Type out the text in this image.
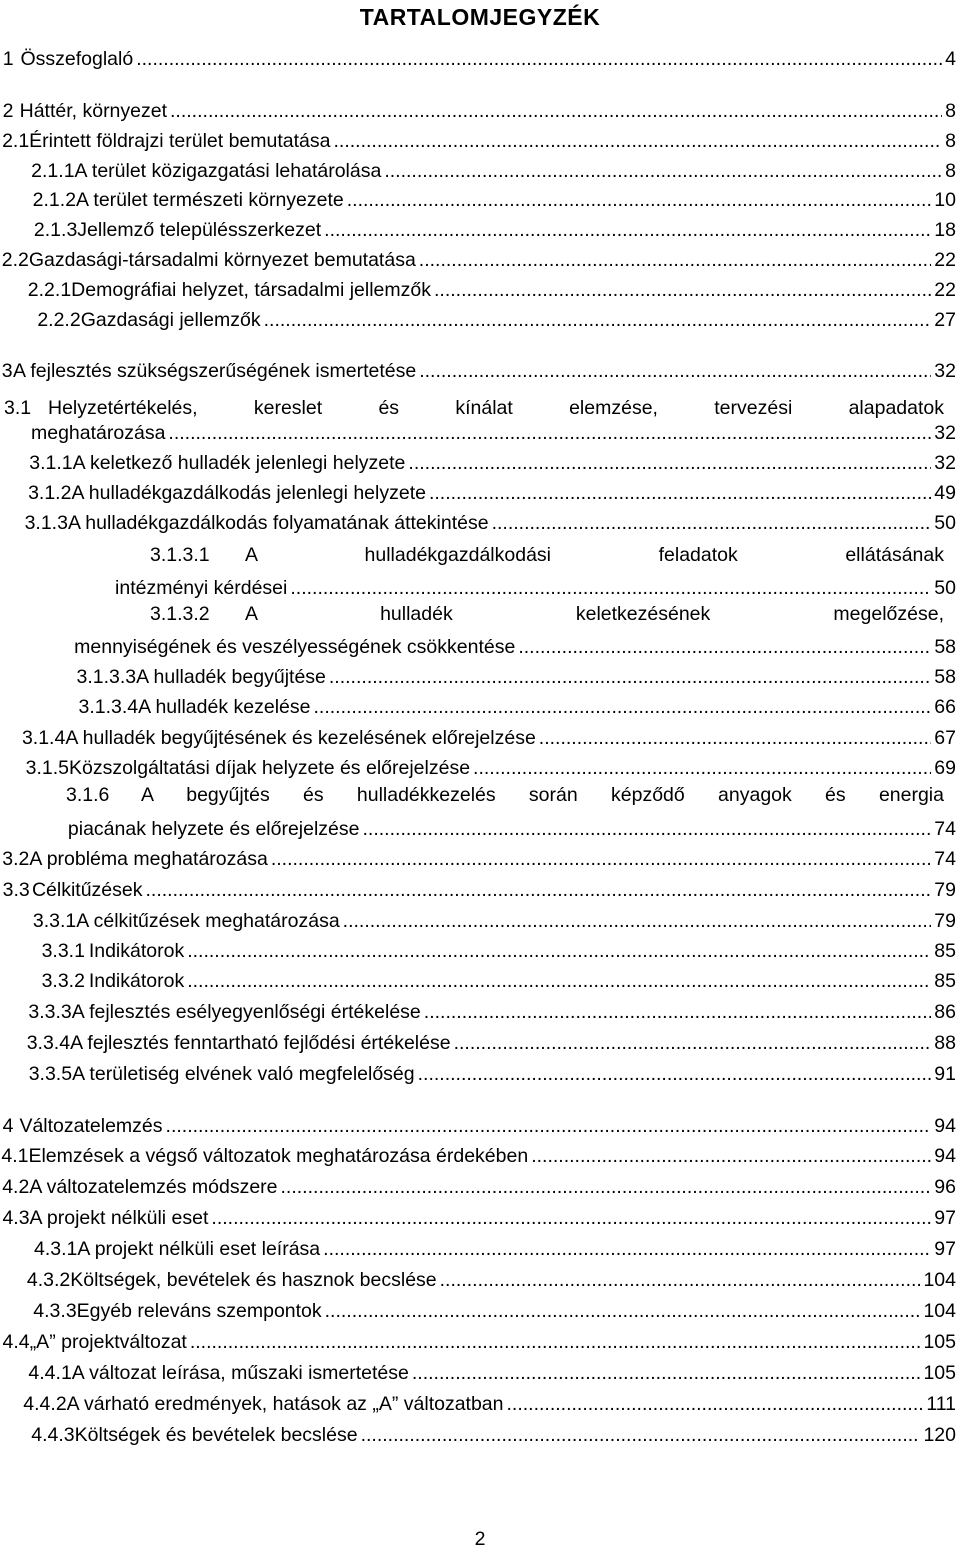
TARTALOMJEGYZÉK
1 Összefoglaló .....	4
2 Háttér, környezet .....	8
2.1 Érintett földrajzi terület bemutatása .....	8
2.1.1 A terület közigazgatási lehatárolása .....	8
2.1.2 A terület természeti környezete .....	10
2.1.3 Jellemző településszerkezet .....	18
2.2 Gazdasági-társadalmi környezet bemutatása .....	22
2.2.1 Demográfiai helyzet, társadalmi jellemzők .....	22
2.2.2 Gazdasági jellemzők .....	27
3 A fejlesztés szükségszerűségének ismertetése .....	32
3.1 Helyzetértékelés, kereslet és kínálat elemzése, tervezési alapadatok
meghatározása .....	32
3.1.1 A keletkező hulladék jelenlegi helyzete .....	32
3.1.2 A hulladékgazdálkodás jelenlegi helyzete .....	49
3.1.3 A hulladékgazdálkodás folyamatának áttekintése .....	50
3.1.3.1	A hulladékgazdálkodási feladatok ellátásának
intézményi kérdései .....	50
3.1.3.2	A hulladék keletkezésének megelőzése,
mennyiségének és veszélyességének csökkentése .....	58
3.1.3.3 A hulladék begyűjtése .....	58
3.1.3.4 A hulladék kezelése .....	66
3.1.4 A hulladék begyűjtésének és kezelésének előrejelzése .....	67
3.1.5 Közszolgáltatási díjak helyzete és előrejelzése .....	69
3.1.6	A begyűjtés és hulladékkezelés során képződő anyagok és energia
piacának helyzete és előrejelzése .....	74
3.2 A probléma meghatározása .....	74
3.3 Célkitűzések .....	79
3.3.1 A célkitűzések meghatározása .....	79
3.3.1 Indikátorok .....	85
3.3.2 Indikátorok .....	85
3.3.3 A fejlesztés esélyegyenlőségi értékelése .....	86
3.3.4 A fejlesztés fenntartható fejlődési értékelése .....	88
3.3.5 A területiség elvének való megfelelőség .....	91
4 Változatelemzés .....	94
4.1 Elemzések a végső változatok meghatározása érdekében .....	94
4.2 A változatelemzés módszere .....	96
4.3 A projekt nélküli eset .....	97
4.3.1 A projekt nélküli eset leírása .....	97
4.3.2 Költségek, bevételek és hasznok becslése .....	104
4.3.3 Egyéb releváns szempontok .....	104
4.4 „A” projektváltozat .....	105
4.4.1 A változat leírása, műszaki ismertetése .....	105
4.4.2 A várható eredmények, hatások az „A” változatban .....	111
4.4.3 Költségek és bevételek becslése .....	120
2
